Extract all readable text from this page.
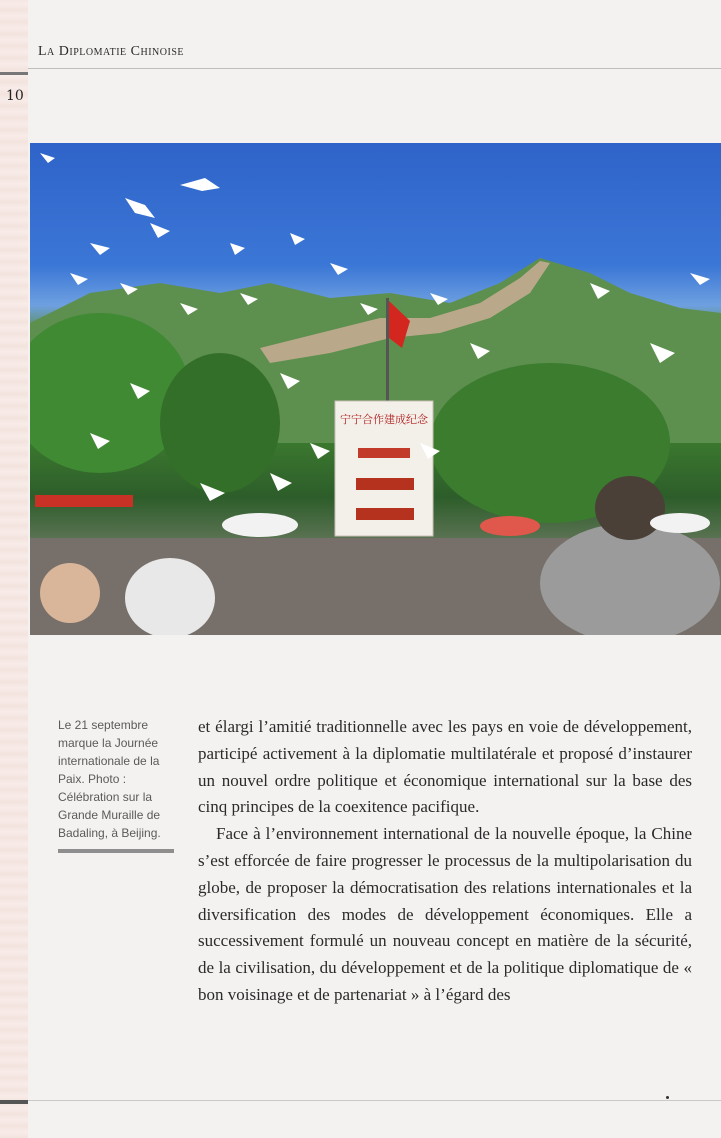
10
La Diplomatie Chinoise
宁宁合作建成纪念
Le 21 septembre marque la Journée internationale de la Paix. Photo : Célébration sur la Grande Muraille de Badaling, à Beijing.

et élargi l’amitié traditionnelle avec les pays en voie de développement, participé activement à la diplomatie multilatérale et proposé d’instaurer un nouvel ordre politique et économique international sur la base des cinq principes de la coexitence pacifique.

Face à l’environnement international de la nouvelle époque, la Chine s’est efforcée de faire progresser le processus de la multipolarisation du globe, de proposer la démocratisation des relations internationales et la diversification des modes de développement économiques. Elle a successivement formulé un nouveau concept en matière de la sécurité, de la civilisation, du développement et de la politique diplomatique de « bon voisinage et de partenariat » à l’égard des
